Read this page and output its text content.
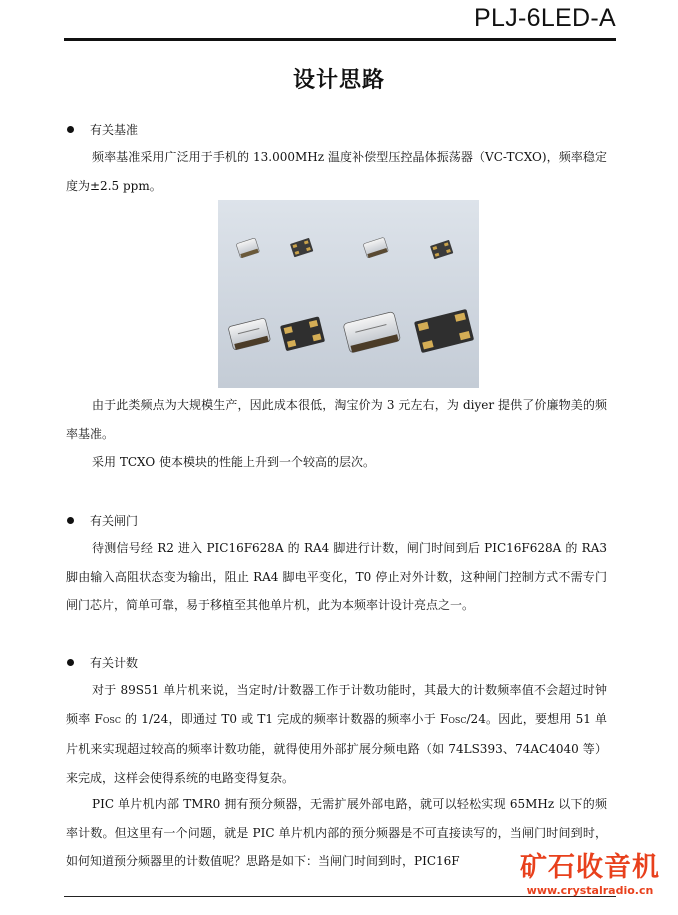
PLJ-6LED-A
设计思路
有关基准
频率基准采用广泛用于手机的 13.000MHz 温度补偿型压控晶体振荡器（VC-TCXO)，频率稳定度为±2.5 ppm。
由于此类频点为大规模生产，因此成本很低，淘宝价为 3 元左右，为 diyer 提供了价廉物美的频率基准。
采用 TCXO 使本模块的性能上升到一个较高的层次。
有关闸门
待测信号经 R2 进入 PIC16F628A 的 RA4 脚进行计数，闸门时间到后 PIC16F628A 的 RA3 脚由输入高阻状态变为输出，阻止 RA4 脚电平变化，T0 停止对外计数，这种闸门控制方式不需专门闸门芯片，简单可靠，易于移植至其他单片机，此为本频率计设计亮点之一。
有关计数
对于 89S51 单片机来说，当定时/计数器工作于计数功能时，其最大的计数频率值不会超过时钟频率 FOSC 的 1/24，即通过 T0 或 T1 完成的频率计数器的频率小于 FOSC/24。因此，要想用 51 单片机来实现超过较高的频率计数功能，就得使用外部扩展分频电路（如 74LS393、74AC4040 等）来完成，这样会使得系统的电路变得复杂。
PIC 单片机内部 TMR0 拥有预分频器，无需扩展外部电路，就可以轻松实现 65MHz 以下的频率计数。但这里有一个问题，就是 PIC 单片机内部的预分频器是不可直接读写的，当闸门时间到时，如何知道预分频器里的计数值呢？思路是如下：当闸门时间到时，PIC16F	矿石收音机
www.crystalradio.cn
